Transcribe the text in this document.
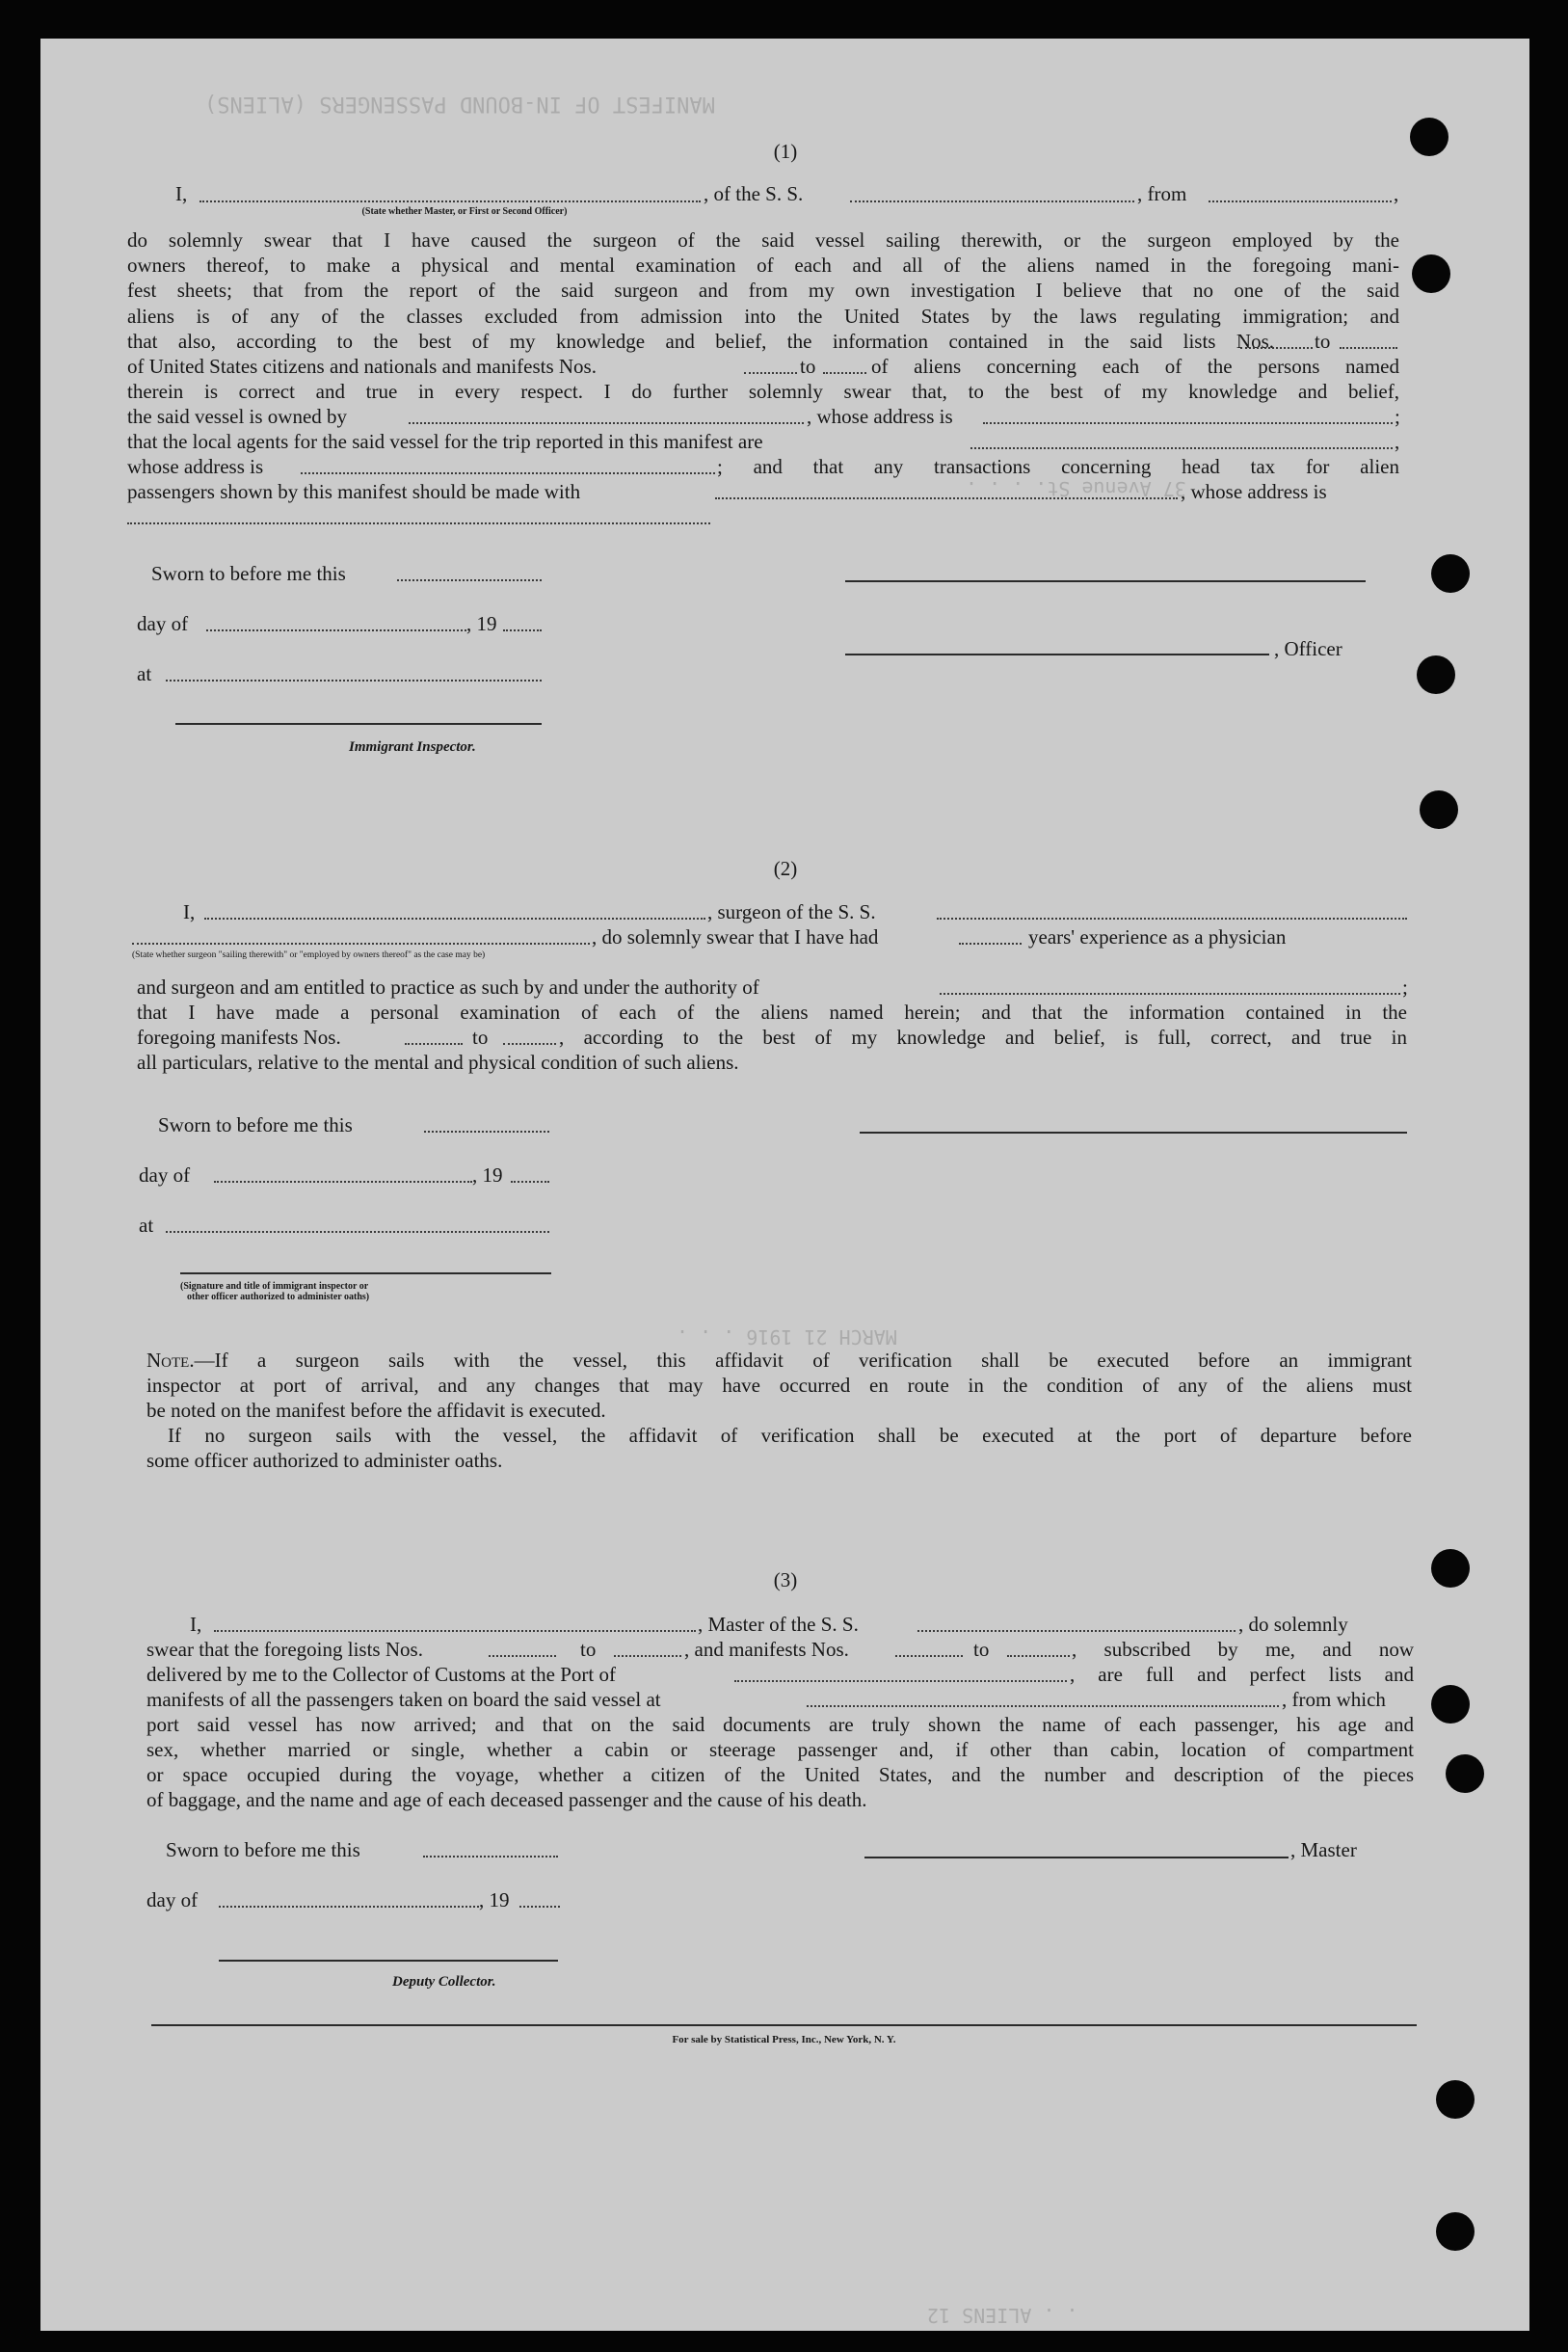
MANIFEST OF IN-BOUND PASSENGERS (ALIENS)
37 Avenue St. . . .
MARCH 21 1916 . . .
. . ALIENS 12
(1)
I,	, of the S. S.	, from	,
(State whether Master, or First or Second Officer)
do solemnly swear that I have caused the surgeon of the said vessel sailing therewith, or the surgeon employed by the
owners thereof, to make a physical and mental examination of each and all of the aliens named in the foregoing mani-
fest sheets; that from the report of the said surgeon and from my own investigation I believe that no one of the said
aliens is of any of the classes excluded from admission into the United States by the laws regulating immigration; and
that also, according to the best of my knowledge and belief, the information contained in the said lists Nos. to
of United States citizens and nationals and manifests Nos.	to	of aliens concerning each of the persons named
therein is correct and true in every respect. I do further solemnly swear that, to the best of my knowledge and belief,
the said vessel is owned by	, whose address is	;
that the local agents for the said vessel for the trip reported in this manifest are	,
whose address is	; and that any transactions concerning head tax for alien
passengers shown by this manifest should be made with	, whose address is
Sworn to before me this
day of	, 19
, Officer
at
Immigrant Inspector.
(2)
I,	, surgeon of the S. S.
, do solemnly swear that I have had	years' experience as a physician
(State whether surgeon "sailing therewith" or "employed by owners thereof" as the case may be)
and surgeon and am entitled to practice as such by and under the authority of	;
that I have made a personal examination of each of the aliens named herein; and that the information contained in the
foregoing manifests Nos.	to	, according to the best of my knowledge and belief, is full, correct, and true in
all particulars, relative to the mental and physical condition of such aliens.
Sworn to before me this
day of	, 19
at
(Signature and title of immigrant inspector or
other officer authorized to administer oaths)
Note.—If a surgeon sails with the vessel, this affidavit of verification shall be executed before an immigrant
inspector at port of arrival, and any changes that may have occurred en route in the condition of any of the aliens must
be noted on the manifest before the affidavit is executed.
If no surgeon sails with the vessel, the affidavit of verification shall be executed at the port of departure before
some officer authorized to administer oaths.
(3)
I,	, Master of the S. S.	, do solemnly
swear that the foregoing lists Nos.	to	, and manifests Nos.	to	, subscribed by me, and now
delivered by me to the Collector of Customs at the Port of	, are full and perfect lists and
manifests of all the passengers taken on board the said vessel at	, from which
port said vessel has now arrived; and that on the said documents are truly shown the name of each passenger, his age and
sex, whether married or single, whether a cabin or steerage passenger and, if other than cabin, location of compartment
or space occupied during the voyage, whether a citizen of the United States, and the number and description of the pieces
of baggage, and the name and age of each deceased passenger and the cause of his death.
Sworn to before me this	, Master
day of	, 19
Deputy Collector.
For sale by Statistical Press, Inc., New York, N. Y.
